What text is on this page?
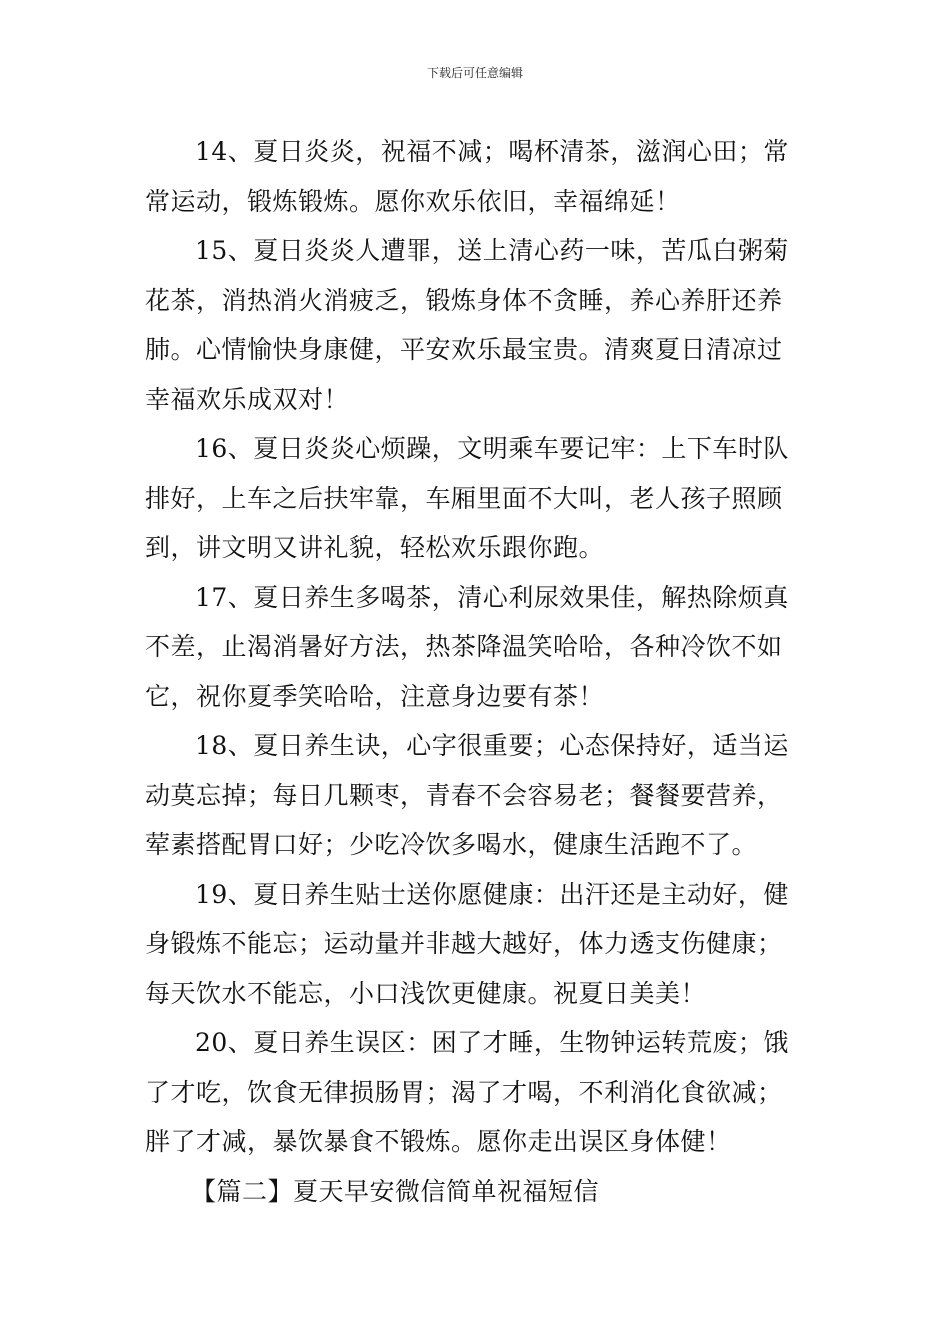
下载后可任意编辑

14、夏日炎炎，祝福不减；喝杯清茶，滋润心田；常常运动，锻炼锻炼。愿你欢乐依旧，幸福绵延！

15、夏日炎炎人遭罪，送上清心药一味，苦瓜白粥菊花茶，消热消火消疲乏，锻炼身体不贪睡，养心养肝还养肺。心情愉快身康健，平安欢乐最宝贵。清爽夏日清凉过幸福欢乐成双对！

16、夏日炎炎心烦躁，文明乘车要记牢：上下车时队排好，上车之后扶牢靠，车厢里面不大叫，老人孩子照顾到，讲文明又讲礼貌，轻松欢乐跟你跑。

17、夏日养生多喝茶，清心利尿效果佳，解热除烦真不差，止渴消暑好方法，热茶降温笑哈哈，各种冷饮不如它，祝你夏季笑哈哈，注意身边要有茶！

18、夏日养生诀，心字很重要；心态保持好，适当运动莫忘掉；每日几颗枣，青春不会容易老；餐餐要营养，荤素搭配胃口好；少吃冷饮多喝水，健康生活跑不了。

19、夏日养生贴士送你愿健康：出汗还是主动好，健身锻炼不能忘；运动量并非越大越好，体力透支伤健康；每天饮水不能忘，小口浅饮更健康。祝夏日美美！

20、夏日养生误区：困了才睡，生物钟运转荒废；饿了才吃，饮食无律损肠胃；渴了才喝，不利消化食欲减；胖了才减，暴饮暴食不锻炼。愿你走出误区身体健！

【篇二】夏天早安微信简单祝福短信
